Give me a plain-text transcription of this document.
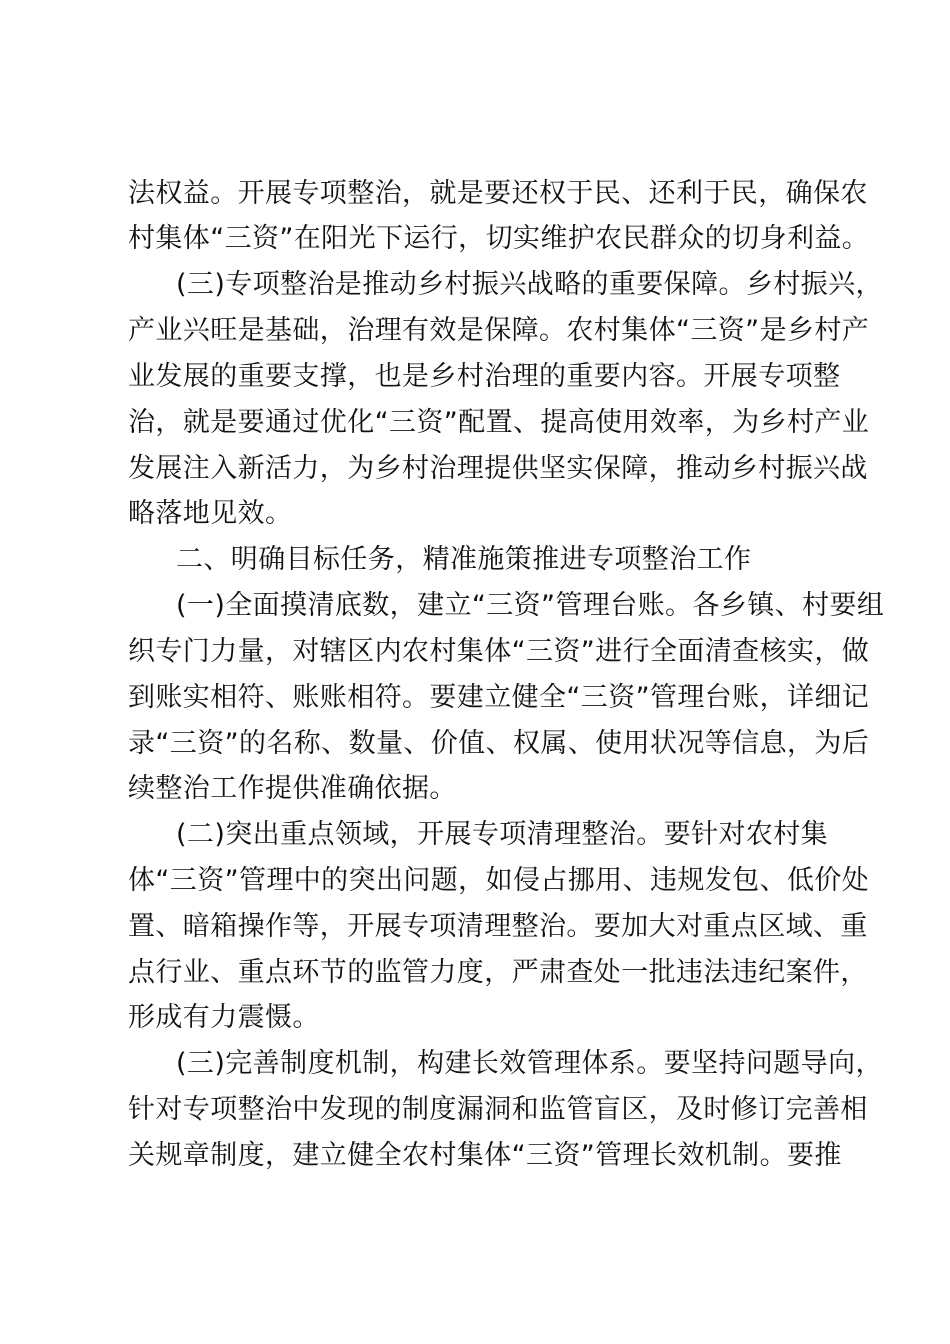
法权益。开展专项整治，就是要还权于民、还利于民，确保农
村集体“三资”在阳光下运行，切实维护农民群众的切身利益。
(三)专项整治是推动乡村振兴战略的重要保障。乡村振兴，
产业兴旺是基础，治理有效是保障。农村集体“三资”是乡村产
业发展的重要支撑，也是乡村治理的重要内容。开展专项整
治，就是要通过优化“三资”配置、提高使用效率，为乡村产业
发展注入新活力，为乡村治理提供坚实保障，推动乡村振兴战
略落地见效。
二、明确目标任务，精准施策推进专项整治工作
(一)全面摸清底数，建立“三资”管理台账。各乡镇、村要组
织专门力量，对辖区内农村集体“三资”进行全面清查核实，做
到账实相符、账账相符。要建立健全“三资”管理台账，详细记
录“三资”的名称、数量、价值、权属、使用状况等信息，为后
续整治工作提供准确依据。
(二)突出重点领域，开展专项清理整治。要针对农村集
体“三资”管理中的突出问题，如侵占挪用、违规发包、低价处
置、暗箱操作等，开展专项清理整治。要加大对重点区域、重
点行业、重点环节的监管力度，严肃查处一批违法违纪案件，
形成有力震慑。
(三)完善制度机制，构建长效管理体系。要坚持问题导向，
针对专项整治中发现的制度漏洞和监管盲区，及时修订完善相
关规章制度，建立健全农村集体“三资”管理长效机制。要推
